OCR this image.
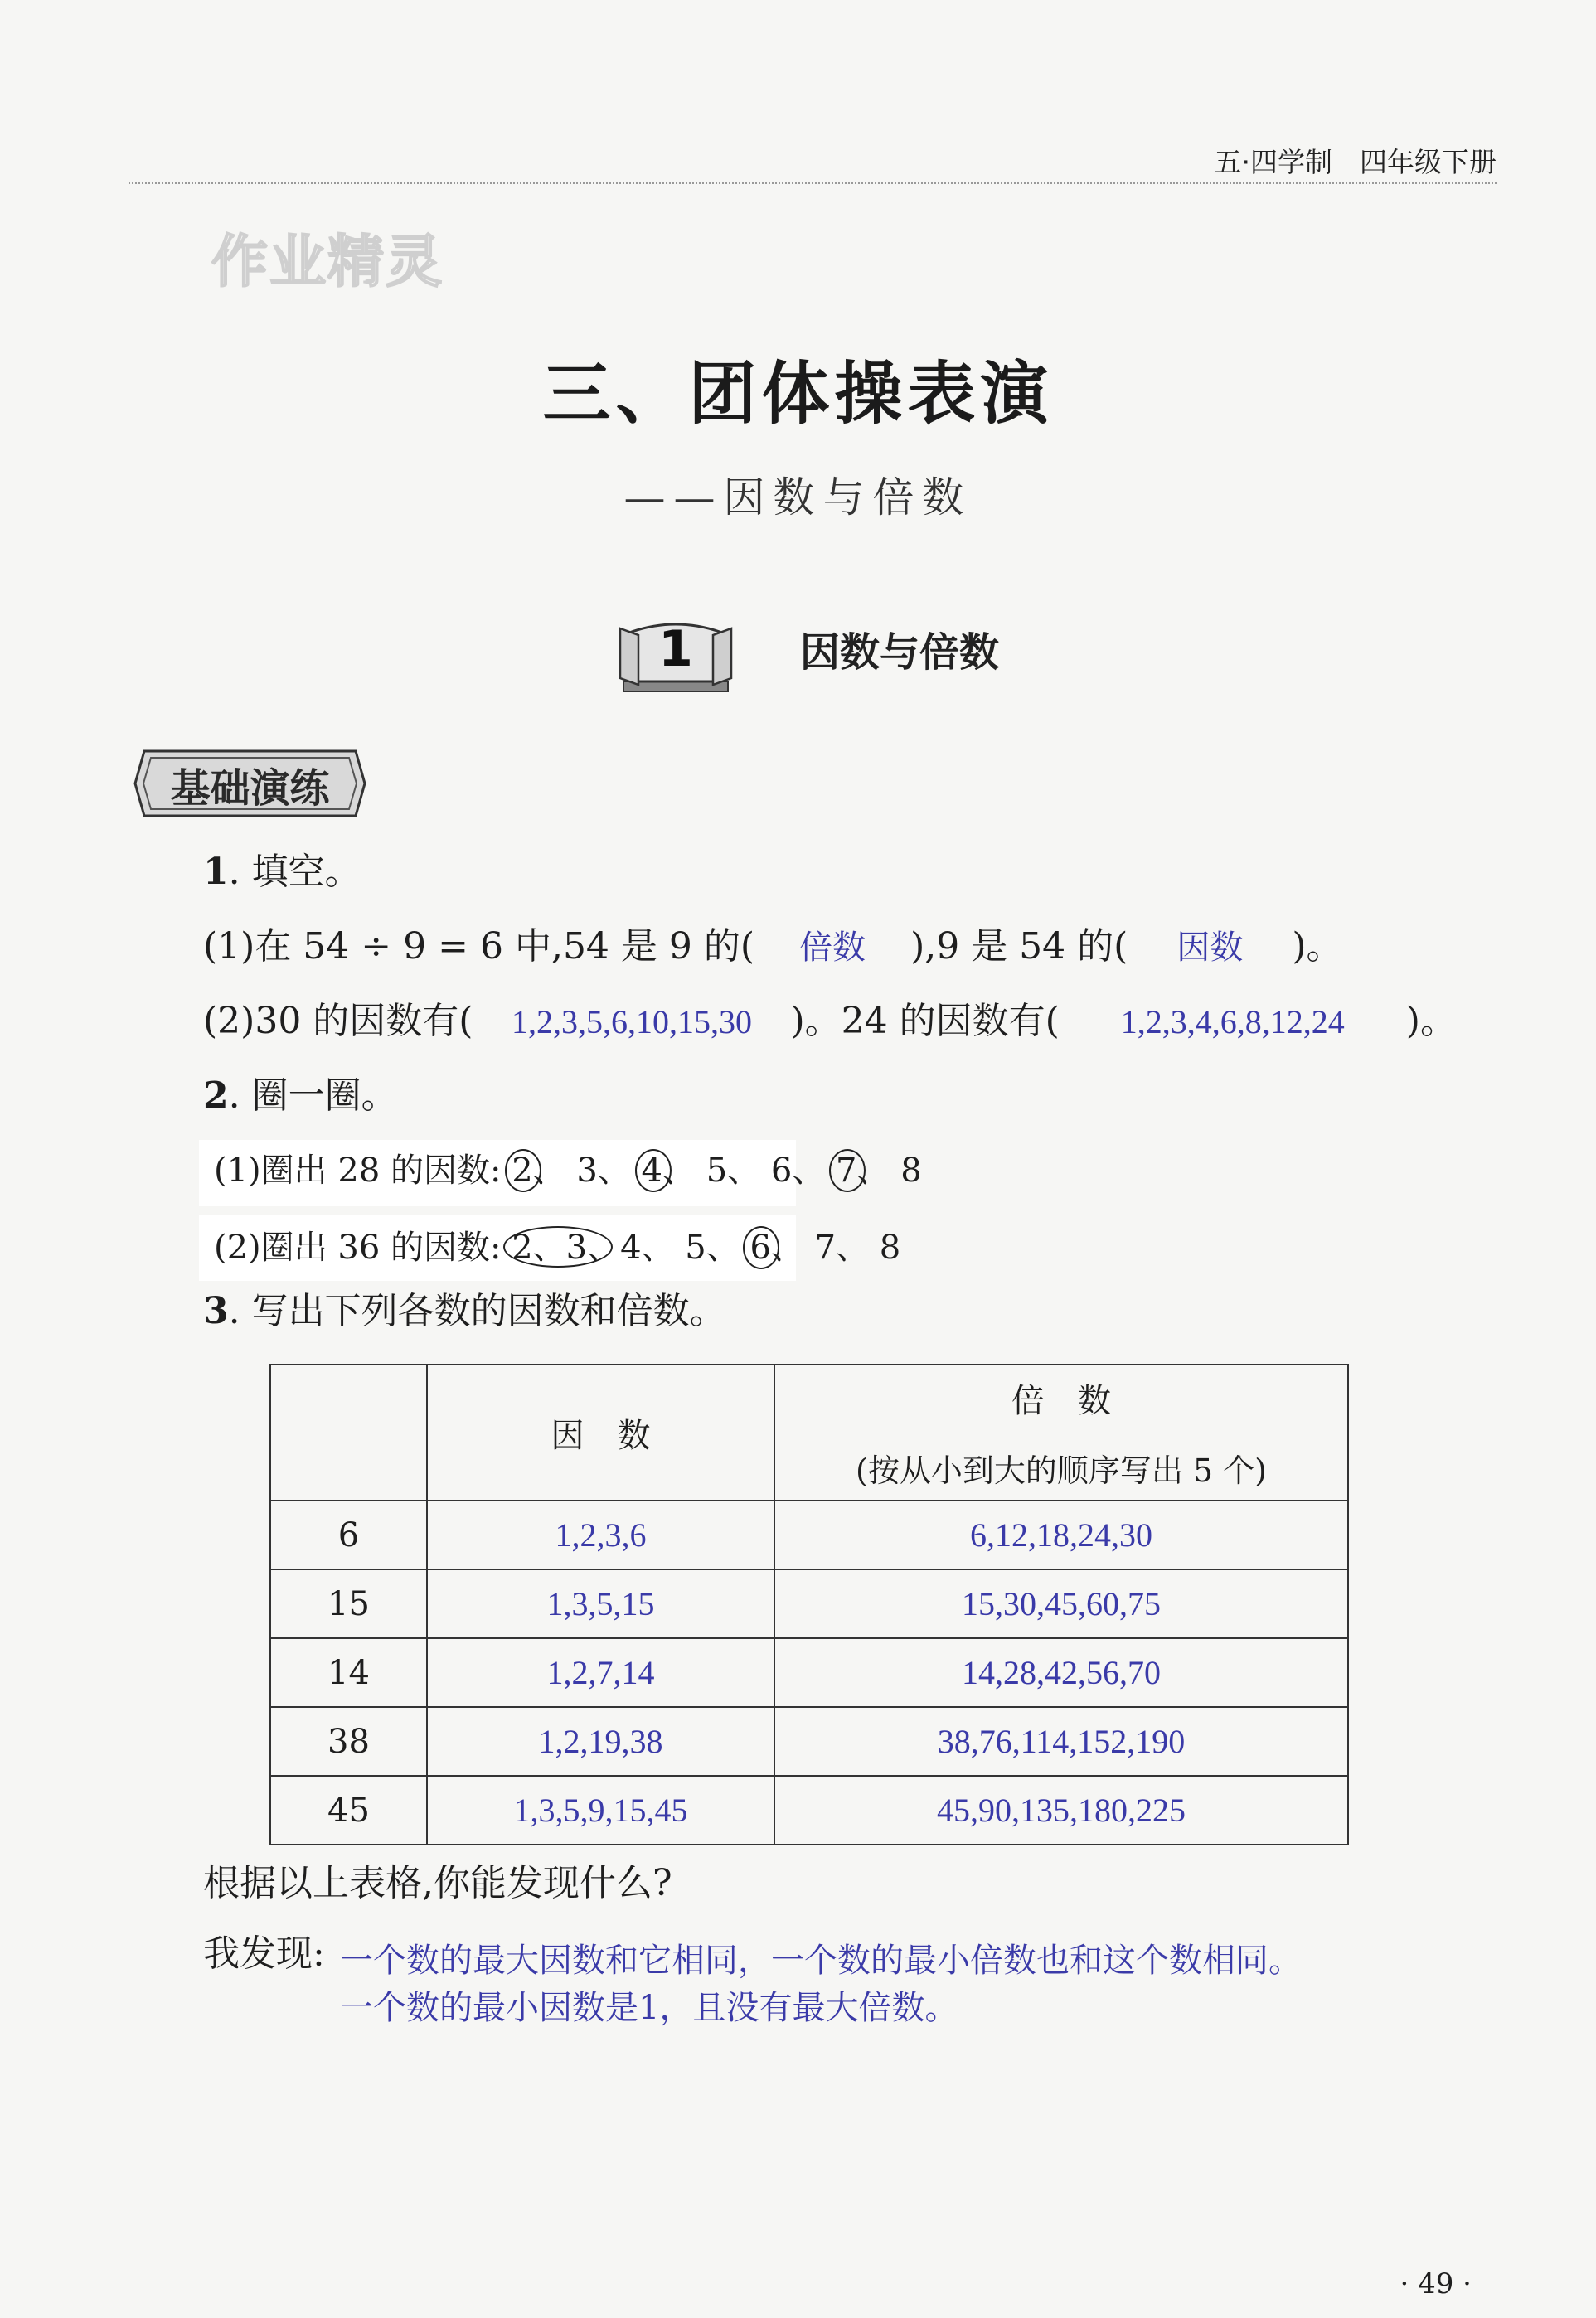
五·四学制　四年级下册
作业精灵
三、团体操表演
——因数与倍数
1	因数与倍数
基础演练
1. 填空。
(1)在 54 ÷ 9 = 6 中,54 是 9 的( 倍数 ),9 是 54 的( 因数 )。
(2)30 的因数有( 1,2,3,5,6,10,15,30 )。24 的因数有( 1,2,3,4,6,8,12,24 )。
2. 圈一圈。
(1)圈出 28 的因数: 2、 3、 4、 5、 6、 7、 8
(2)圈出 36 的因数: 2、3、4、 5、 6、 7、 8
3. 写出下列各数的因数和倍数。
	因　数	倍　数
(按从小到大的顺序写出 5 个)

6	1,2,3,6	6,12,18,24,30
15	1,3,5,15	15,30,45,60,75
14	1,2,7,14	14,28,42,56,70
38	1,2,19,38	38,76,114,152,190
45	1,3,5,9,15,45	45,90,135,180,225
根据以上表格,你能发现什么?
我发现: 一个数的最大因数和它相同，一个数的最小倍数也和这个数相同。
一个数的最小因数是1，且没有最大倍数。
· 49 ·
